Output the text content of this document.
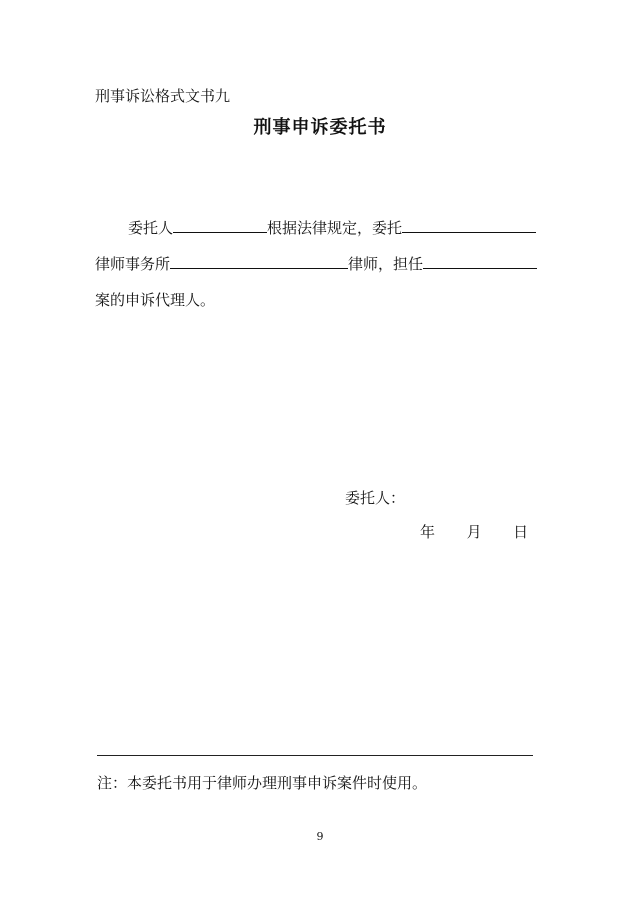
刑事诉讼格式文书九
刑事申诉委托书
委托人	根据法律规定，委托
律师事务所	律师，担任
案的申诉代理人。
委托人：
年 月 日
注：本委托书用于律师办理刑事申诉案件时使用。
9
